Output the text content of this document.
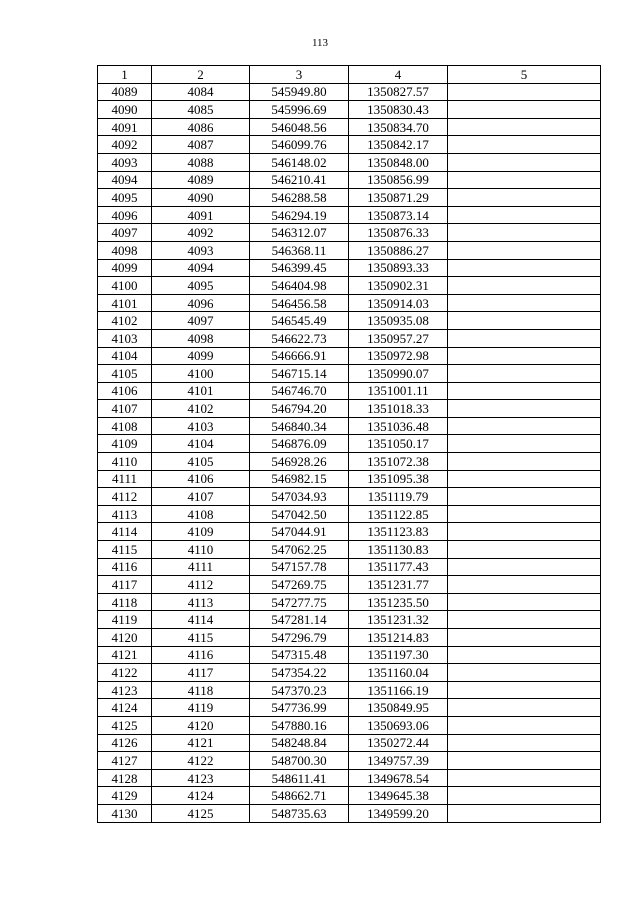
113
1	2	3	4	5
4089	4084	545949.80	1350827.57	
4090	4085	545996.69	1350830.43	
4091	4086	546048.56	1350834.70	
4092	4087	546099.76	1350842.17	
4093	4088	546148.02	1350848.00	
4094	4089	546210.41	1350856.99	
4095	4090	546288.58	1350871.29	
4096	4091	546294.19	1350873.14	
4097	4092	546312.07	1350876.33	
4098	4093	546368.11	1350886.27	
4099	4094	546399.45	1350893.33	
4100	4095	546404.98	1350902.31	
4101	4096	546456.58	1350914.03	
4102	4097	546545.49	1350935.08	
4103	4098	546622.73	1350957.27	
4104	4099	546666.91	1350972.98	
4105	4100	546715.14	1350990.07	
4106	4101	546746.70	1351001.11	
4107	4102	546794.20	1351018.33	
4108	4103	546840.34	1351036.48	
4109	4104	546876.09	1351050.17	
4110	4105	546928.26	1351072.38	
4111	4106	546982.15	1351095.38	
4112	4107	547034.93	1351119.79	
4113	4108	547042.50	1351122.85	
4114	4109	547044.91	1351123.83	
4115	4110	547062.25	1351130.83	
4116	4111	547157.78	1351177.43	
4117	4112	547269.75	1351231.77	
4118	4113	547277.75	1351235.50	
4119	4114	547281.14	1351231.32	
4120	4115	547296.79	1351214.83	
4121	4116	547315.48	1351197.30	
4122	4117	547354.22	1351160.04	
4123	4118	547370.23	1351166.19	
4124	4119	547736.99	1350849.95	
4125	4120	547880.16	1350693.06	
4126	4121	548248.84	1350272.44	
4127	4122	548700.30	1349757.39	
4128	4123	548611.41	1349678.54	
4129	4124	548662.71	1349645.38	
4130	4125	548735.63	1349599.20	
